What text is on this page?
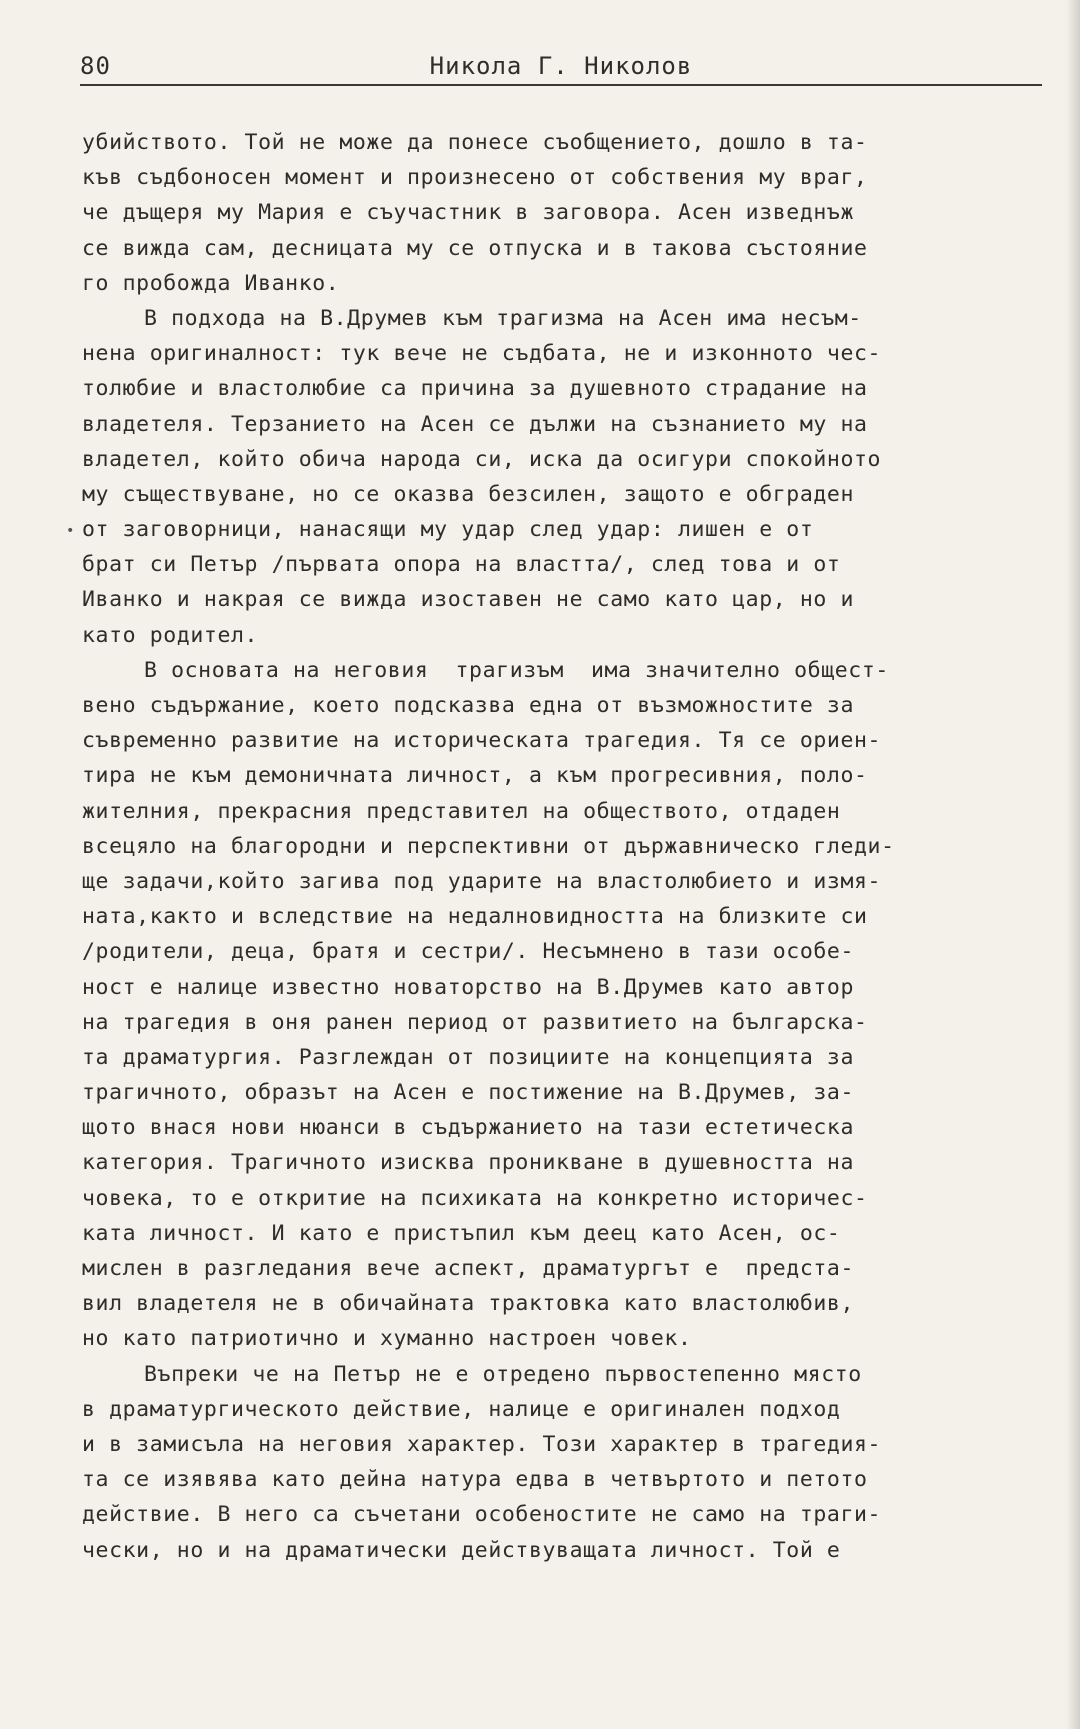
80	Никола Г. Николов
•
убийството. Той не може да понесе съобщението, дошло в та-
къв съдбоносен момент и произнесено от собствения му враг,
че дъщеря му Мария е съучастник в заговора. Асен изведнъж
се вижда сам, десницата му се отпуска и в такова състояние
го пробожда Иванко.
В подхода на В.Друмев към трагизма на Асен има несъм-
нена оригиналност: тук вече не съдбата, не и изконното чес-
толюбие и властолюбие са причина за душевното страдание на
владетеля. Терзанието на Асен се дължи на съзнанието му на
владетел, който обича народа си, иска да осигури спокойното
му съществуване, но се оказва безсилен, защото е обграден
от заговорници, нанасящи му удар след удар: лишен е от
брат си Петър /първата опора на властта/, след това и от
Иванко и накрая се вижда изоставен не само като цар, но и
като родител.
В основата на неговия  трагизъм  има значително общест-
вено съдържание, което подсказва една от възможностите за
съвременно развитие на историческата трагедия. Тя се ориен-
тира не към демоничната личност, а към прогресивния, поло-
жителния, прекрасния представител на обществото, отдаден
всецяло на благородни и перспективни от държавническо гледи-
ще задачи,който загива под ударите на властолюбието и измя-
ната,както и вследствие на недалновидността на близките си
/родители, деца, братя и сестри/. Несъмнено в тази особе-
ност е налице известно новаторство на В.Друмев като автор
на трагедия в оня ранен период от развитието на българска-
та драматургия. Разглеждан от позициите на концепцията за
трагичното, образът на Асен е постижение на В.Друмев, за-
щото внася нови нюанси в съдържанието на тази естетическа
категория. Трагичното изисква проникване в душевността на
човека, то е откритие на психиката на конкретно историчес-
ката личност. И като е пристъпил към деец като Асен, ос-
мислен в разгледания вече аспект, драматургът е  предста-
вил владетеля не в обичайната трактовка като властолюбив,
но като патриотично и хуманно настроен човек.
Въпреки че на Петър не е отредено първостепенно място
в драматургическото действие, налице е оригинален подход
и в замисъла на неговия характер. Този характер в трагедия-
та се изявява като дейна натура едва в четвъртото и петото
действие. В него са съчетани особеностите не само на траги-
чески, но и на драматически действуващата личност. Той е
